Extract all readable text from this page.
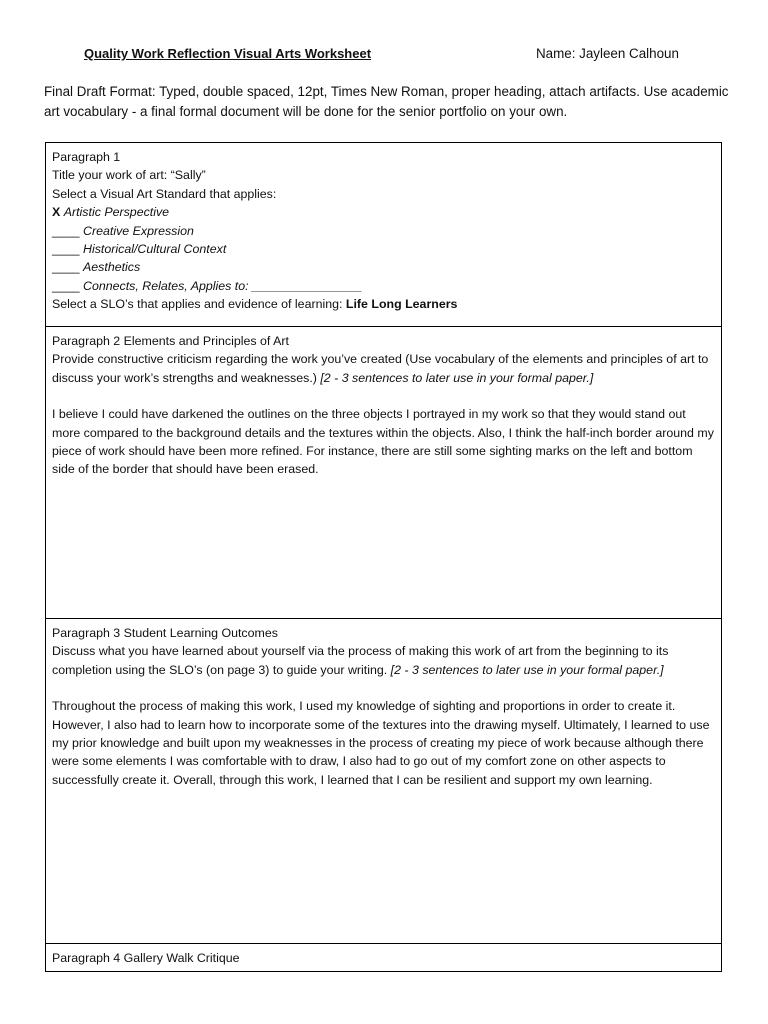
Quality Work Reflection Visual Arts Worksheet	Name: Jayleen Calhoun
Final Draft Format: Typed, double spaced, 12pt, Times New Roman, proper heading, attach artifacts. Use academic art vocabulary - a final formal document will be done for the senior portfolio on your own.
Paragraph 1
Title your work of art: “Sally”
Select a Visual Art Standard that applies:
X Artistic Perspective
____ Creative Expression
____ Historical/Cultural Context
____ Aesthetics
____ Connects, Relates, Applies to: ________________
Select a SLO’s that applies and evidence of learning: Life Long Learners
Paragraph 2 Elements and Principles of Art
Provide constructive criticism regarding the work you’ve created (Use vocabulary of the elements and principles of art to discuss your work’s strengths and weaknesses.) [2 - 3 sentences to later use in your formal paper.]
I believe I could have darkened the outlines on the three objects I portrayed in my work so that they would stand out more compared to the background details and the textures within the objects. Also, I think the half-inch border around my piece of work should have been more refined. For instance, there are still some sighting marks on the left and bottom side of the border that should have been erased.
Paragraph 3 Student Learning Outcomes
Discuss what you have learned about yourself via the process of making this work of art from the beginning to its completion using the SLO’s (on page 3) to guide your writing. [2 - 3 sentences to later use in your formal paper.]
Throughout the process of making this work, I used my knowledge of sighting and proportions in order to create it. However, I also had to learn how to incorporate some of the textures into the drawing myself. Ultimately, I learned to use my prior knowledge and built upon my weaknesses in the process of creating my piece of work because although there were some elements I was comfortable with to draw, I also had to go out of my comfort zone on other aspects to successfully create it. Overall, through this work, I learned that I can be resilient and support my own learning.
Paragraph 4 Gallery Walk Critique
